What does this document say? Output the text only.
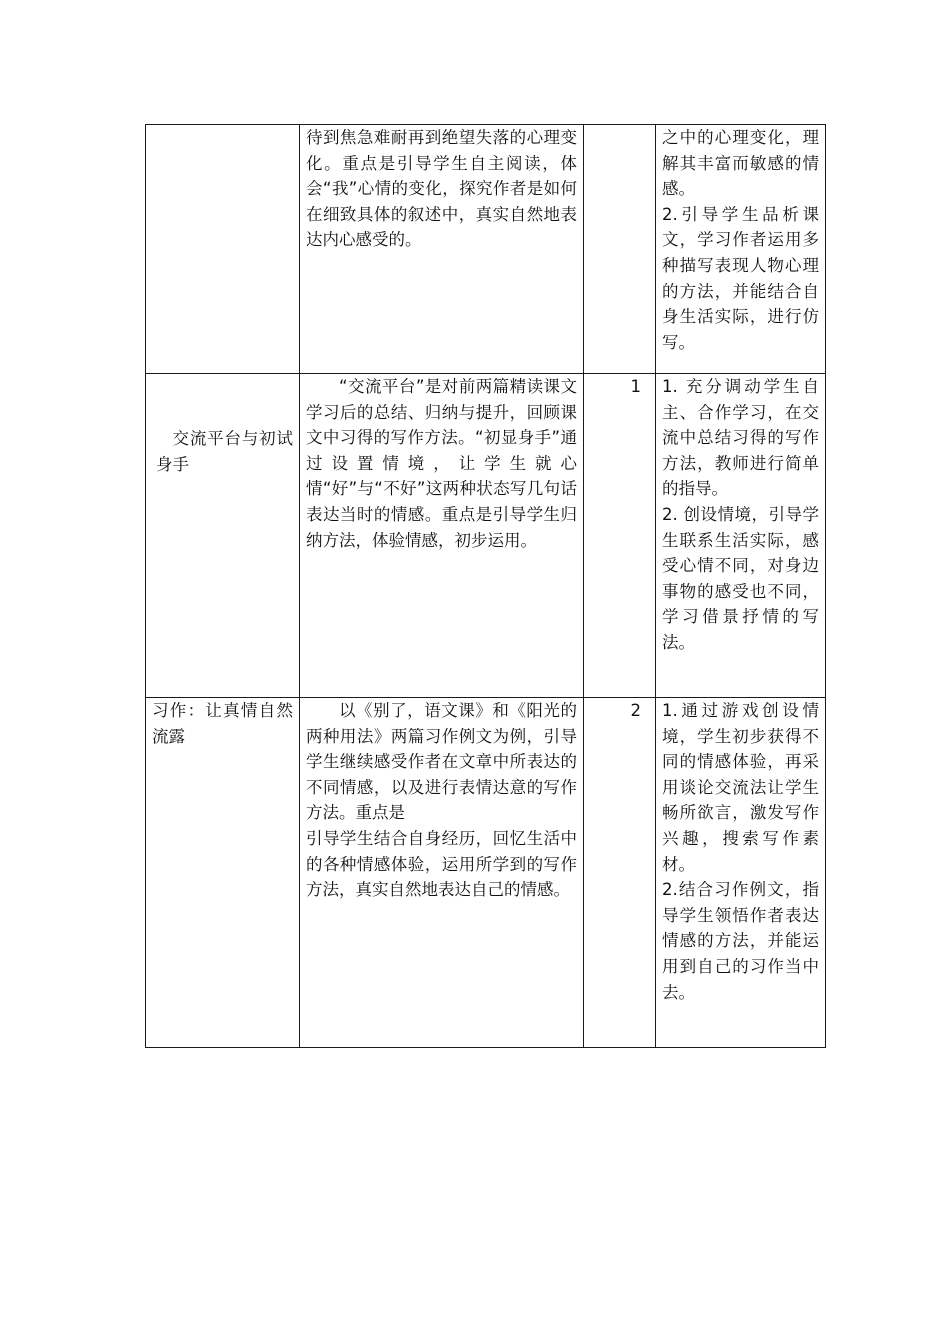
	待到焦急难耐再到绝望失落的心理变化。重点是引导学生自主阅读，体会“我”心情的变化，探究作者是如何在细致具体的叙述中，真实自然地表达内心感受的。		之中的心理变化，理解其丰富而敏感的情感。
2.引导学生品析课文，学习作者运用多种描写表现人物心理的方法，并能结合自身生活实际，进行仿写。

交流平台与初试身手	“交流平台”是对前两篇精读课文学习后的总结、归纳与提升，回顾课文中习得的写作方法。“初显身手”通过设置情境，让学生就心情“好”与“不好”这两种状态写几句话表达当时的情感。重点是引导学生归纳方法，体验情感，初步运用。	1	1. 充分调动学生自主、合作学习，在交流中总结习得的写作方法，教师进行简单的指导。
2. 创设情境，引导学生联系生活实际，感受心情不同，对身边事物的感受也不同，学习借景抒情的写法。

习作：让真情自然流露	以《别了，语文课》和《阳光的两种用法》两篇习作例文为例，引导学生继续感受作者在文章中所表达的不同情感，以及进行表情达意的写作方法。重点是
引导学生结合自身经历，回忆生活中的各种情感体验，运用所学到的写作方法，真实自然地表达自己的情感。	2	1.通过游戏创设情境，学生初步获得不同的情感体验，再采用谈论交流法让学生畅所欲言，激发写作兴趣，搜索写作素材。
2.结合习作例文，指导学生领悟作者表达情感的方法，并能运用到自己的习作当中去。
